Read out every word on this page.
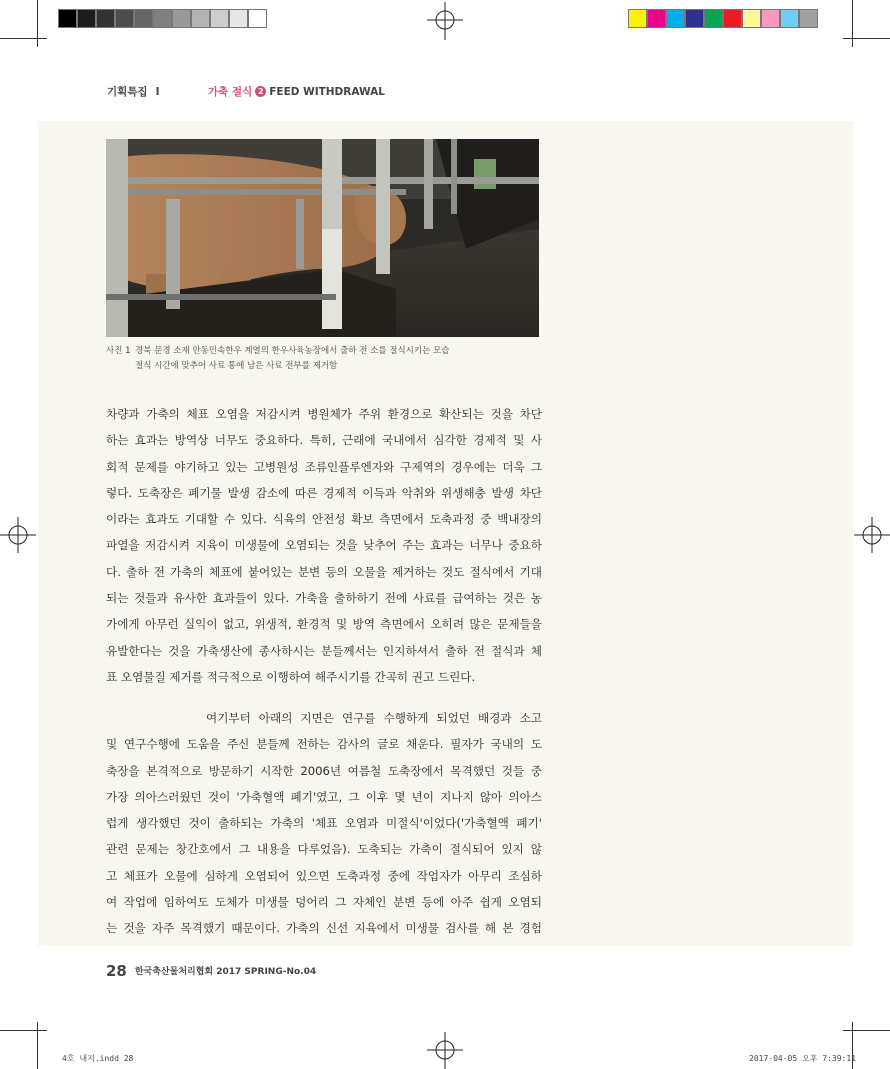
기획특집 I	가축 절식 2 FEED WITHDRAWAL
사진 1 경북 문경 소재 안동민속한우 계열의 한우사육농장에서 출하 전 소를 절식시키는 모습
절식 시간에 맞추어 사료 통에 남은 사료 전부를 제거함
차량과 가축의 체표 오염을 저감시켜 병원체가 주위 환경으로 확산되는 것을 차단
하는 효과는 방역상 너무도 중요하다. 특히, 근래에 국내에서 심각한 경제적 및 사
회적 문제를 야기하고 있는 고병원성 조류인플루엔자와 구제역의 경우에는 더욱 그
렇다. 도축장은 폐기물 발생 감소에 따른 경제적 이득과 악취와 위생해충 발생 차단
이라는 효과도 기대할 수 있다. 식육의 안전성 확보 측면에서 도축과정 중 백내장의
파열을 저감시켜 지육이 미생물에 오염되는 것을 낮추어 주는 효과는 너무나 중요하
다. 출하 전 가축의 체표에 붙어있는 분변 등의 오물을 제거하는 것도 절식에서 기대
되는 것들과 유사한 효과들이 있다. 가축을 출하하기 전에 사료를 급여하는 것은 농
가에게 아무런 실익이 없고, 위생적, 환경적 및 방역 측면에서 오히려 많은 문제들을
유발한다는 것을 가축생산에 종사하시는 분들께서는 인지하셔서 출하 전 절식과 체
표 오염물질 제거를 적극적으로 이행하여 해주시기를 간곡히 권고 드린다.
여기부터 아래의 지면은 연구를 수행하게 되었던 배경과 소고
및 연구수행에 도움을 주신 분들께 전하는 감사의 글로 채운다. 필자가 국내의 도
축장을 본격적으로 방문하기 시작한 2006년 여름철 도축장에서 목격했던 것들 중
가장 의아스러웠던 것이 '가축혈액 폐기'였고, 그 이후 몇 년이 지나지 않아 의아스
럽게 생각했던 것이 출하되는 가축의 '체표 오염과 미절식'이었다('가축혈액 폐기'
관련 문제는 창간호에서 그 내용을 다루었음). 도축되는 가축이 절식되어 있지 않
고 체표가 오물에 심하게 오염되어 있으면 도축과정 중에 작업자가 아무리 조심하
여 작업에 임하여도 도체가 미생물 덩어리 그 자체인 분변 등에 아주 쉽게 오염되
는 것을 자주 목격했기 때문이다. 가축의 신선 지육에서 미생물 검사를 해 본 경험
28 한국축산물처리협회 2017 SPRING-No.04
4호 내지.indd 28	2017-04-05 오후 7:39:11
